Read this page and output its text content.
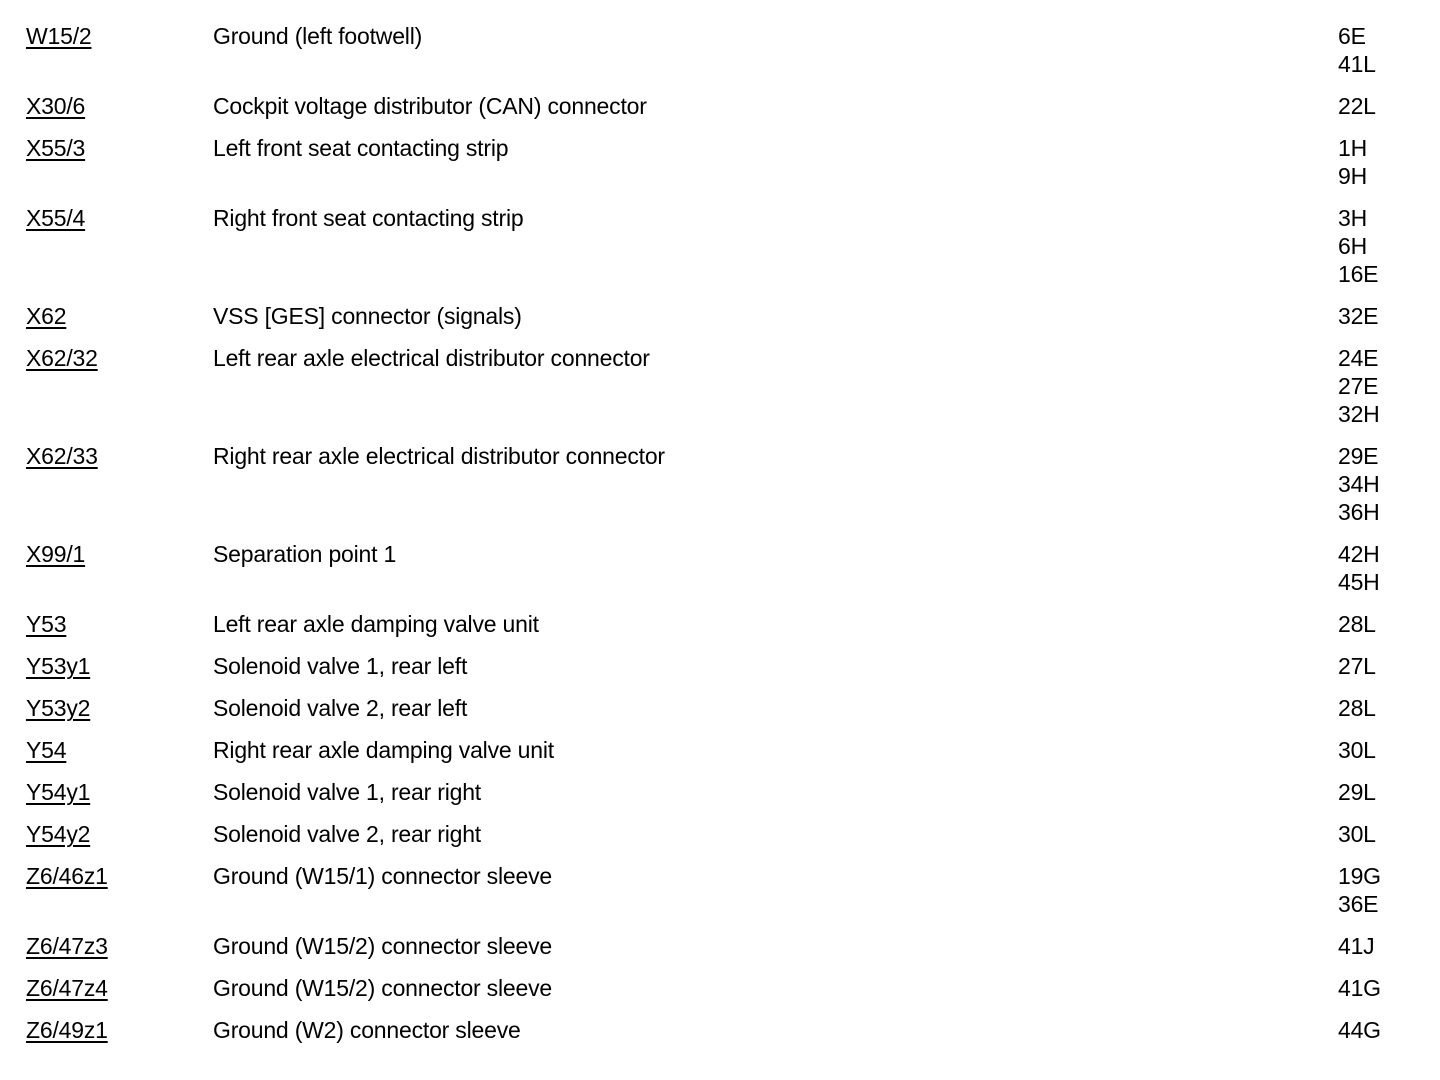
W15/2	Ground (left footwell)	6E
41L
X30/6	Cockpit voltage distributor (CAN) connector	22L
X55/3	Left front seat contacting strip	1H
9H
X55/4	Right front seat contacting strip	3H
6H
16E
X62	VSS [GES] connector (signals)	32E
X62/32	Left rear axle electrical distributor connector	24E
27E
32H
X62/33	Right rear axle electrical distributor connector	29E
34H
36H
X99/1	Separation point 1	42H
45H
Y53	Left rear axle damping valve unit	28L
Y53y1	Solenoid valve 1, rear left	27L
Y53y2	Solenoid valve 2, rear left	28L
Y54	Right rear axle damping valve unit	30L
Y54y1	Solenoid valve 1, rear right	29L
Y54y2	Solenoid valve 2, rear right	30L
Z6/46z1	Ground (W15/1) connector sleeve	19G
36E
Z6/47z3	Ground (W15/2) connector sleeve	41J
Z6/47z4	Ground (W15/2) connector sleeve	41G
Z6/49z1	Ground (W2) connector sleeve	44G
